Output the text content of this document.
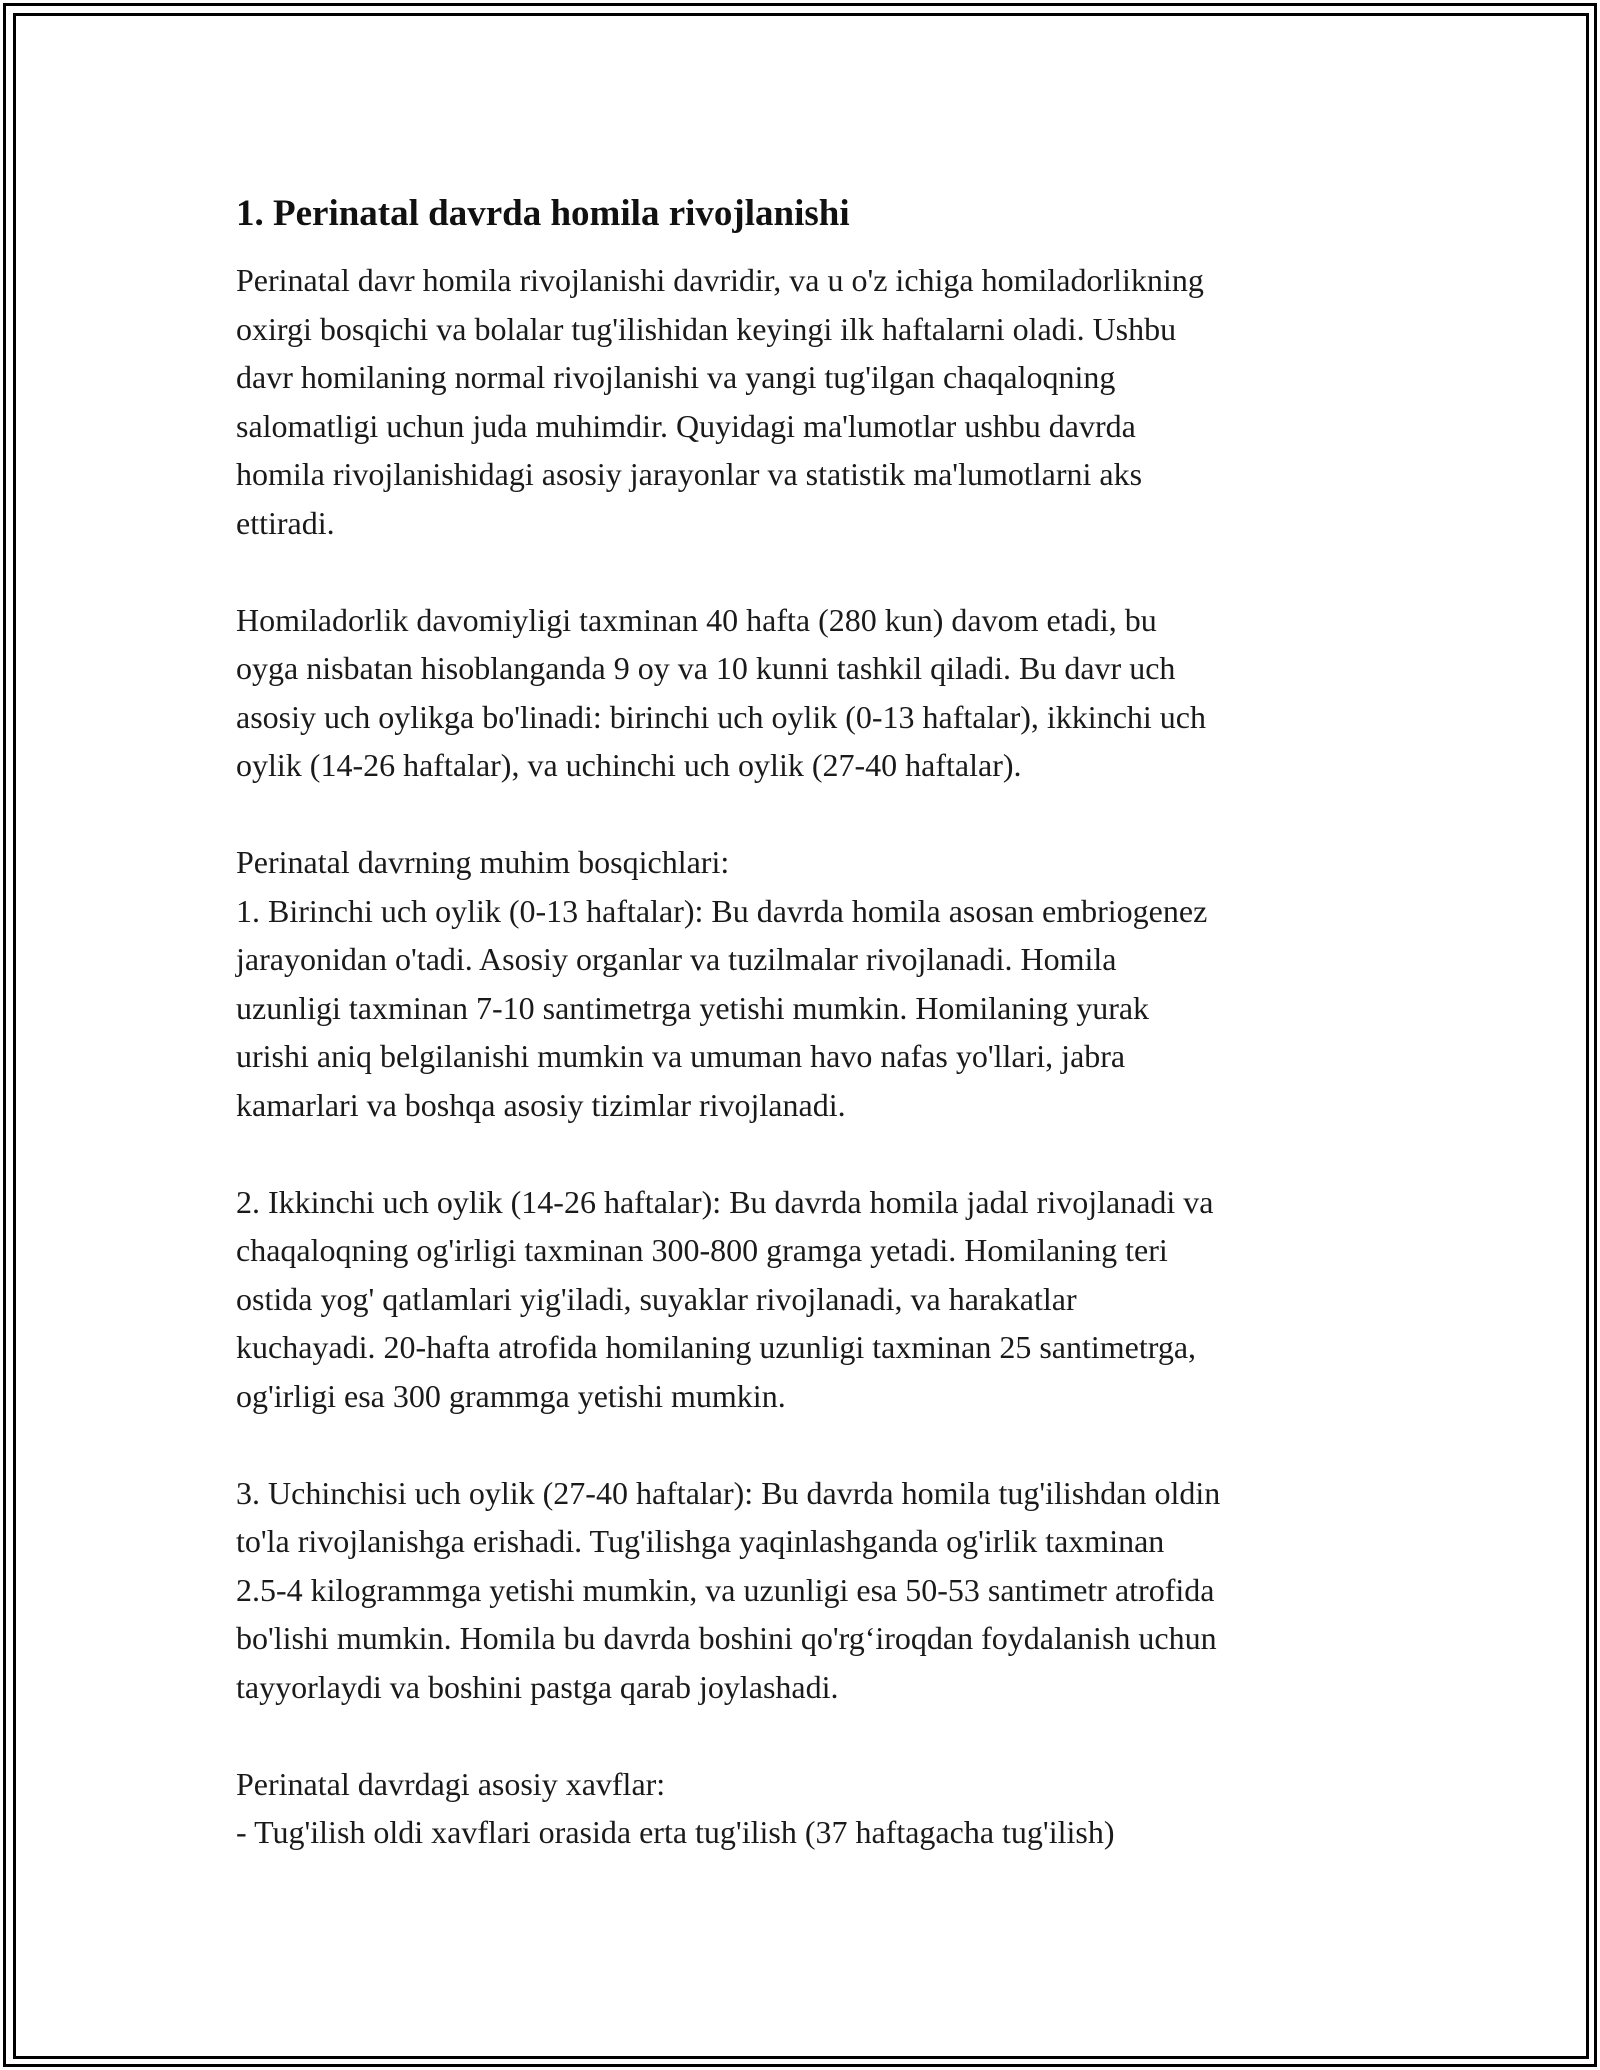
1. Perinatal davrda homila rivojlanishi

Perinatal davr homila rivojlanishi davridir, va u o'z ichiga homiladorlikning
oxirgi bosqichi va bolalar tug'ilishidan keyingi ilk haftalarni oladi. Ushbu
davr homilaning normal rivojlanishi va yangi tug'ilgan chaqaloqning
salomatligi uchun juda muhimdir. Quyidagi ma'lumotlar ushbu davrda
homila rivojlanishidagi asosiy jarayonlar va statistik ma'lumotlarni aks
ettiradi.

Homiladorlik davomiyligi taxminan 40 hafta (280 kun) davom etadi, bu
oyga nisbatan hisoblanganda 9 oy va 10 kunni tashkil qiladi. Bu davr uch
asosiy uch oylikga bo'linadi: birinchi uch oylik (0-13 haftalar), ikkinchi uch
oylik (14-26 haftalar), va uchinchi uch oylik (27-40 haftalar).

Perinatal davrning muhim bosqichlari:
1. Birinchi uch oylik (0-13 haftalar): Bu davrda homila asosan embriogenez
jarayonidan o'tadi. Asosiy organlar va tuzilmalar rivojlanadi. Homila
uzunligi taxminan 7-10 santimetrga yetishi mumkin. Homilaning yurak
urishi aniq belgilanishi mumkin va umuman havo nafas yo'llari, jabra
kamarlari va boshqa asosiy tizimlar rivojlanadi.

2. Ikkinchi uch oylik (14-26 haftalar): Bu davrda homila jadal rivojlanadi va
chaqaloqning og'irligi taxminan 300-800 gramga yetadi. Homilaning teri
ostida yog' qatlamlari yig'iladi, suyaklar rivojlanadi, va harakatlar
kuchayadi. 20-hafta atrofida homilaning uzunligi taxminan 25 santimetrga,
og'irligi esa 300 grammga yetishi mumkin.

3. Uchinchisi uch oylik (27-40 haftalar): Bu davrda homila tug'ilishdan oldin
to'la rivojlanishga erishadi. Tug'ilishga yaqinlashganda og'irlik taxminan
2.5-4 kilogrammga yetishi mumkin, va uzunligi esa 50-53 santimetr atrofida
bo'lishi mumkin. Homila bu davrda boshini qo'rg‘iroqdan foydalanish uchun
tayyorlaydi va boshini pastga qarab joylashadi.

Perinatal davrdagi asosiy xavflar:
- Tug'ilish oldi xavflari orasida erta tug'ilish (37 haftagacha tug'ilish)
